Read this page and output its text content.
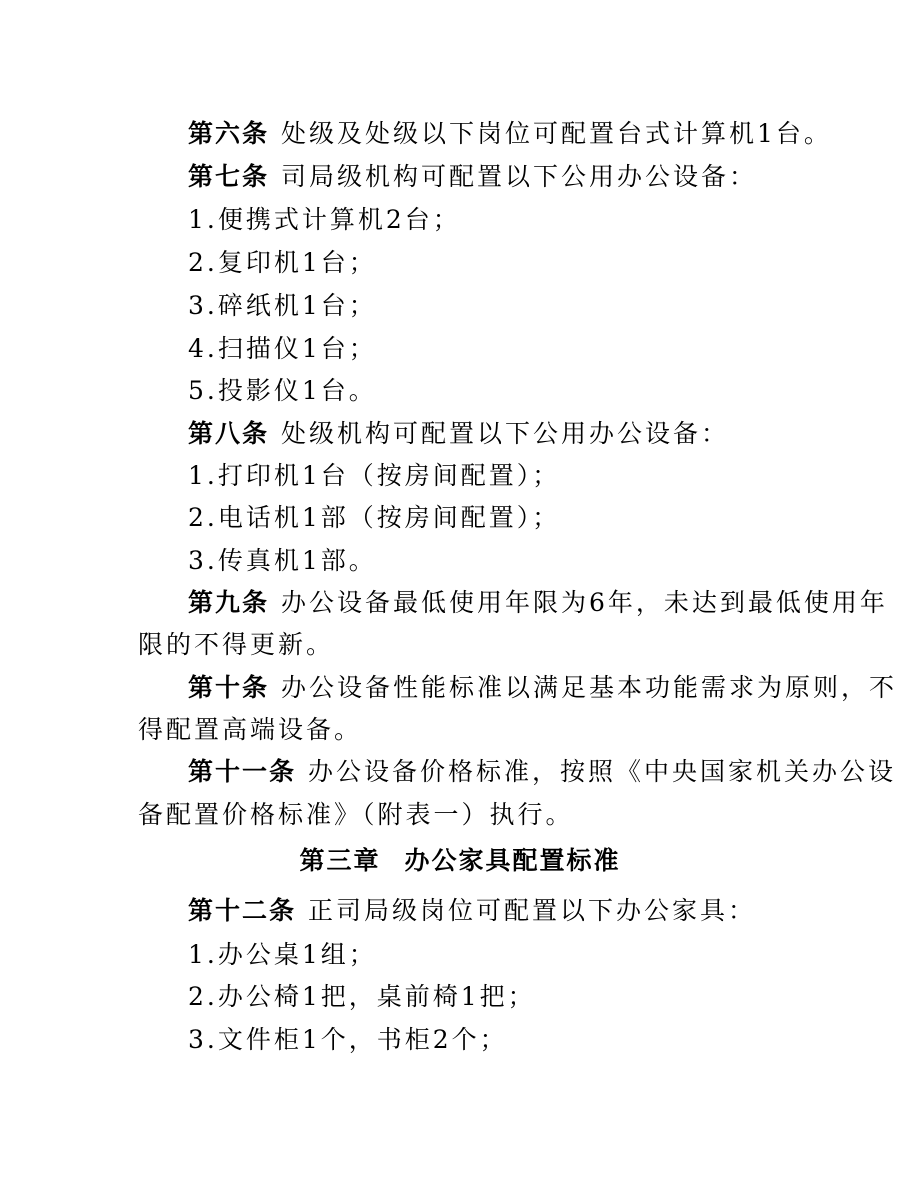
第六条 处级及处级以下岗位可配置台式计算机1台。
第七条 司局级机构可配置以下公用办公设备：
1.便携式计算机2台；
2.复印机1台；
3.碎纸机1台；
4.扫描仪1台；
5.投影仪1台。
第八条 处级机构可配置以下公用办公设备：
1.打印机1台（按房间配置）；
2.电话机1部（按房间配置）；
3.传真机1部。
第九条 办公设备最低使用年限为6年，未达到最低使用年
限的不得更新。
第十条 办公设备性能标准以满足基本功能需求为原则，不
得配置高端设备。
第十一条 办公设备价格标准，按照《中央国家机关办公设
备配置价格标准》（附表一）执行。
第三章 办公家具配置标准
第十二条 正司局级岗位可配置以下办公家具：
1.办公桌1组；
2.办公椅1把，桌前椅1把；
3.文件柜1个，书柜2个；
